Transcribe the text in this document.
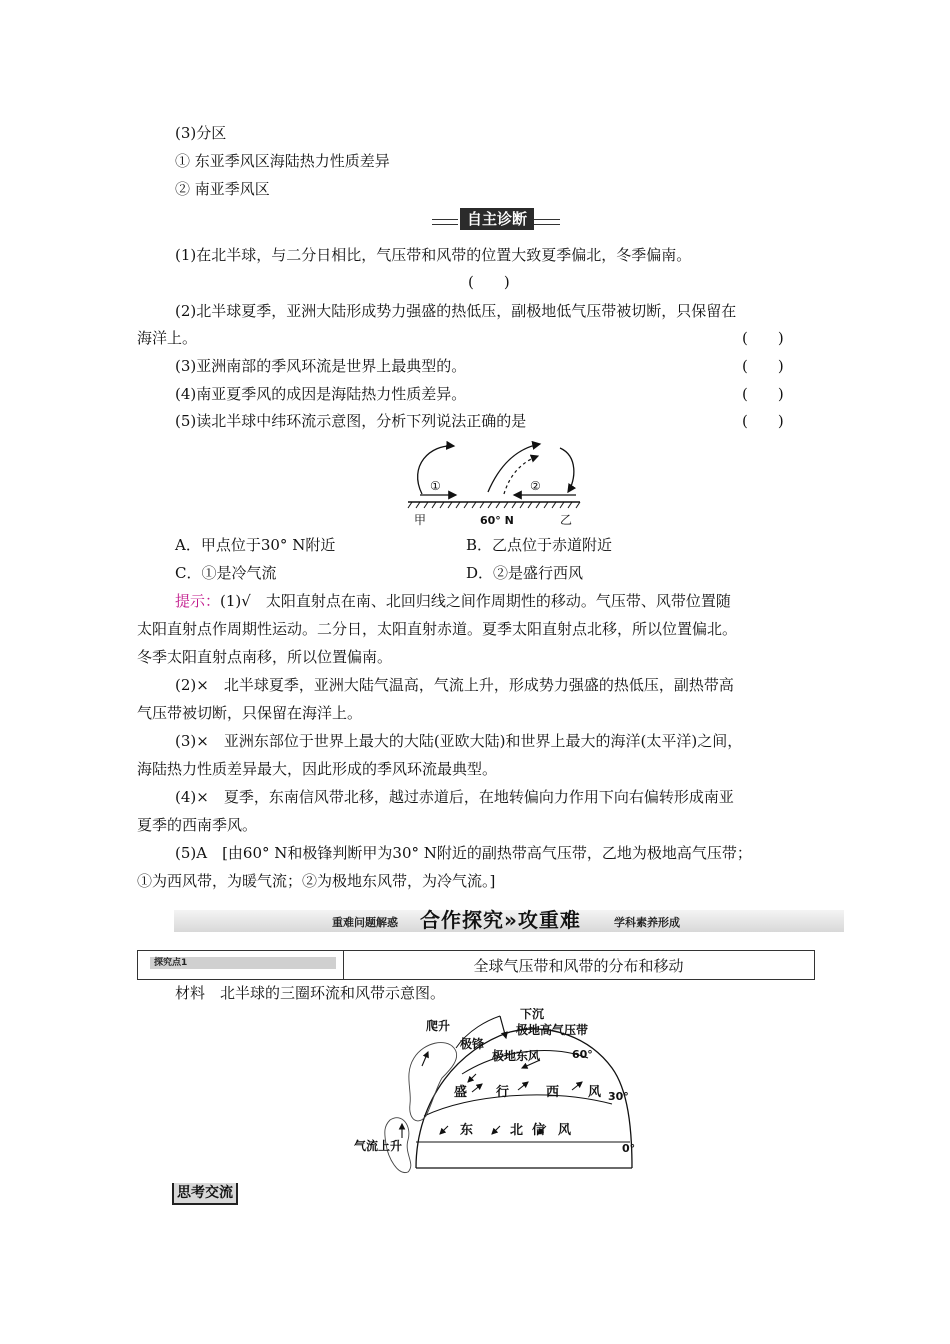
(3)分区
① 东亚季风区海陆热力性质差异
② 南亚季风区
自主诊断
(1)在北半球，与二分日相比，气压带和风带的位置大致夏季偏北，冬季偏南。
(　　)
(2)北半球夏季，亚洲大陆形成势力强盛的热低压，副极地低气压带被切断，只保留在
海洋上。	(　　)
(3)亚洲南部的季风环流是世界上最典型的。	(　　)
(4)南亚夏季风的成因是海陆热力性质差异。	(　　)
(5)读北半球中纬环流示意图，分析下列说法正确的是	(　　)
①	②
甲	60° N	乙
A．甲点位于30° N附近	B．乙点位于赤道附近
C．①是冷气流	D．②是盛行西风
提示：(1)√　太阳直射点在南、北回归线之间作周期性的移动。气压带、风带位置随
太阳直射点作周期性运动。二分日，太阳直射赤道。夏季太阳直射点北移，所以位置偏北。
冬季太阳直射点南移，所以位置偏南。
(2)×　北半球夏季，亚洲大陆气温高，气流上升，形成势力强盛的热低压，副热带高
气压带被切断，只保留在海洋上。
(3)×　亚洲东部位于世界上最大的大陆(亚欧大陆)和世界上最大的海洋(太平洋)之间，
海陆热力性质差异最大，因此形成的季风环流最典型。
(4)×　夏季，东南信风带北移，越过赤道后，在地转偏向力作用下向右偏转形成南亚
夏季的西南季风。
(5)A　[由60° N和极锋判断甲为30° N附近的副热带高气压带，乙地为极地高气压带；
①为西风带，为暖气流；②为极地东风带，为冷气流。]
重难问题解惑 合作探究»攻重难	学科素养形成
探究点1	全球气压带和风带的分布和移动
材料　北半球的三圈环流和风带示意图。
爬升
下沉
极地高气压带
极锋
极地东风	60°
盛 行	西 风 30°
东	北 信 风
0°
气流上升
思考交流
